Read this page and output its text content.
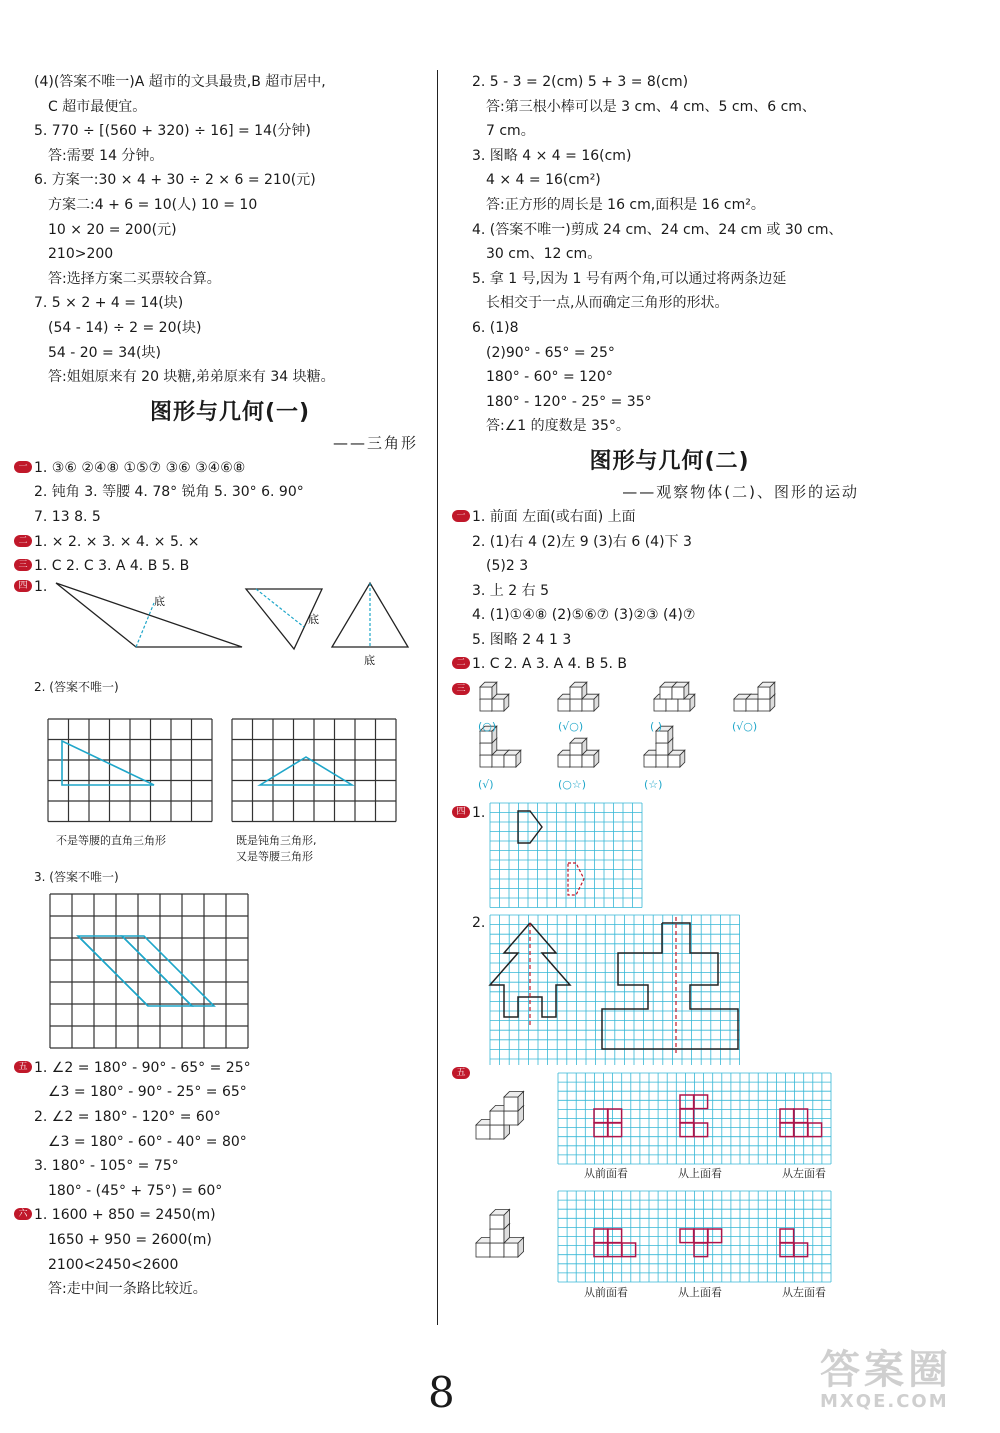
(4)(答案不唯一)A 超市的文具最贵,B 超市居中,
C 超市最便宜。
5. 770 ÷ [(560 + 320) ÷ 16] = 14(分钟)
答:需要 14 分钟。
6. 方案一:30 × 4 + 30 ÷ 2 × 6 = 210(元)
方案二:4 + 6 = 10(人) 10 = 10
10 × 20 = 200(元)
210>200
答:选择方案二买票较合算。
7. 5 × 2 + 4 = 14(块)
(54 - 14) ÷ 2 = 20(块)
54 - 20 = 34(块)
答:姐姐原来有 20 块糖,弟弟原来有 34 块糖。
图形与几何(一)
——三角形
一 1. ③⑥ ②④⑧ ①⑤⑦ ③⑥ ③④⑥⑧
2. 钝角 3. 等腰 4. 78° 锐角 5. 30° 6. 90°
7. 13 8. 5
二 1. × 2. × 3. × 4. × 5. ×
三 1. C 2. C 3. A 4. B 5. B
四 1.
底
底
底
2. (答案不唯一)
不是等腰的直角三角形	既是钝角三角形,
又是等腰三角形
3. (答案不唯一)
五 1. ∠2 = 180° - 90° - 65° = 25°
∠3 = 180° - 90° - 25° = 65°
2. ∠2 = 180° - 120° = 60°
∠3 = 180° - 60° - 40° = 80°
3. 180° - 105° = 75°
180° - (45° + 75°) = 60°
六 1. 1600 + 850 = 2450(m)
1650 + 950 = 2600(m)
2100<2450<2600
答:走中间一条路比较近。
2. 5 - 3 = 2(cm) 5 + 3 = 8(cm)
答:第三根小棒可以是 3 cm、4 cm、5 cm、6 cm、
7 cm。
3. 图略 4 × 4 = 16(cm)
4 × 4 = 16(cm²)
答:正方形的周长是 16 cm,面积是 16 cm²。
4. (答案不唯一)剪成 24 cm、24 cm、24 cm 或 30 cm、
30 cm、12 cm。
5. 拿 1 号,因为 1 号有两个角,可以通过将两条边延
长相交于一点,从而确定三角形的形状。
6. (1)8
(2)90° - 65° = 25°
180° - 60° = 120°
180° - 120° - 25° = 35°
答:∠1 的度数是 35°。
图形与几何(二)
——观察物体(二)、图形的运动
一 1. 前面 左面(或右面) 上面
2. (1)右 4 (2)左 9 (3)右 6 (4)下 3
(5)2 3
3. 上 2 右 5
4. (1)①④⑧ (2)⑤⑥⑦ (3)②③ (4)⑦
5. 图略 2 4 1 3
二 1. C 2. A 3. A 4. B 5. B
三
(○)	(√○)	( )	(√○)
(√)	(○☆)	(☆)
四 1.
2.
五
从前面看	从上面看	从左面看
从前面看	从上面看	从左面看
8	答案圈
MXQE.COM
